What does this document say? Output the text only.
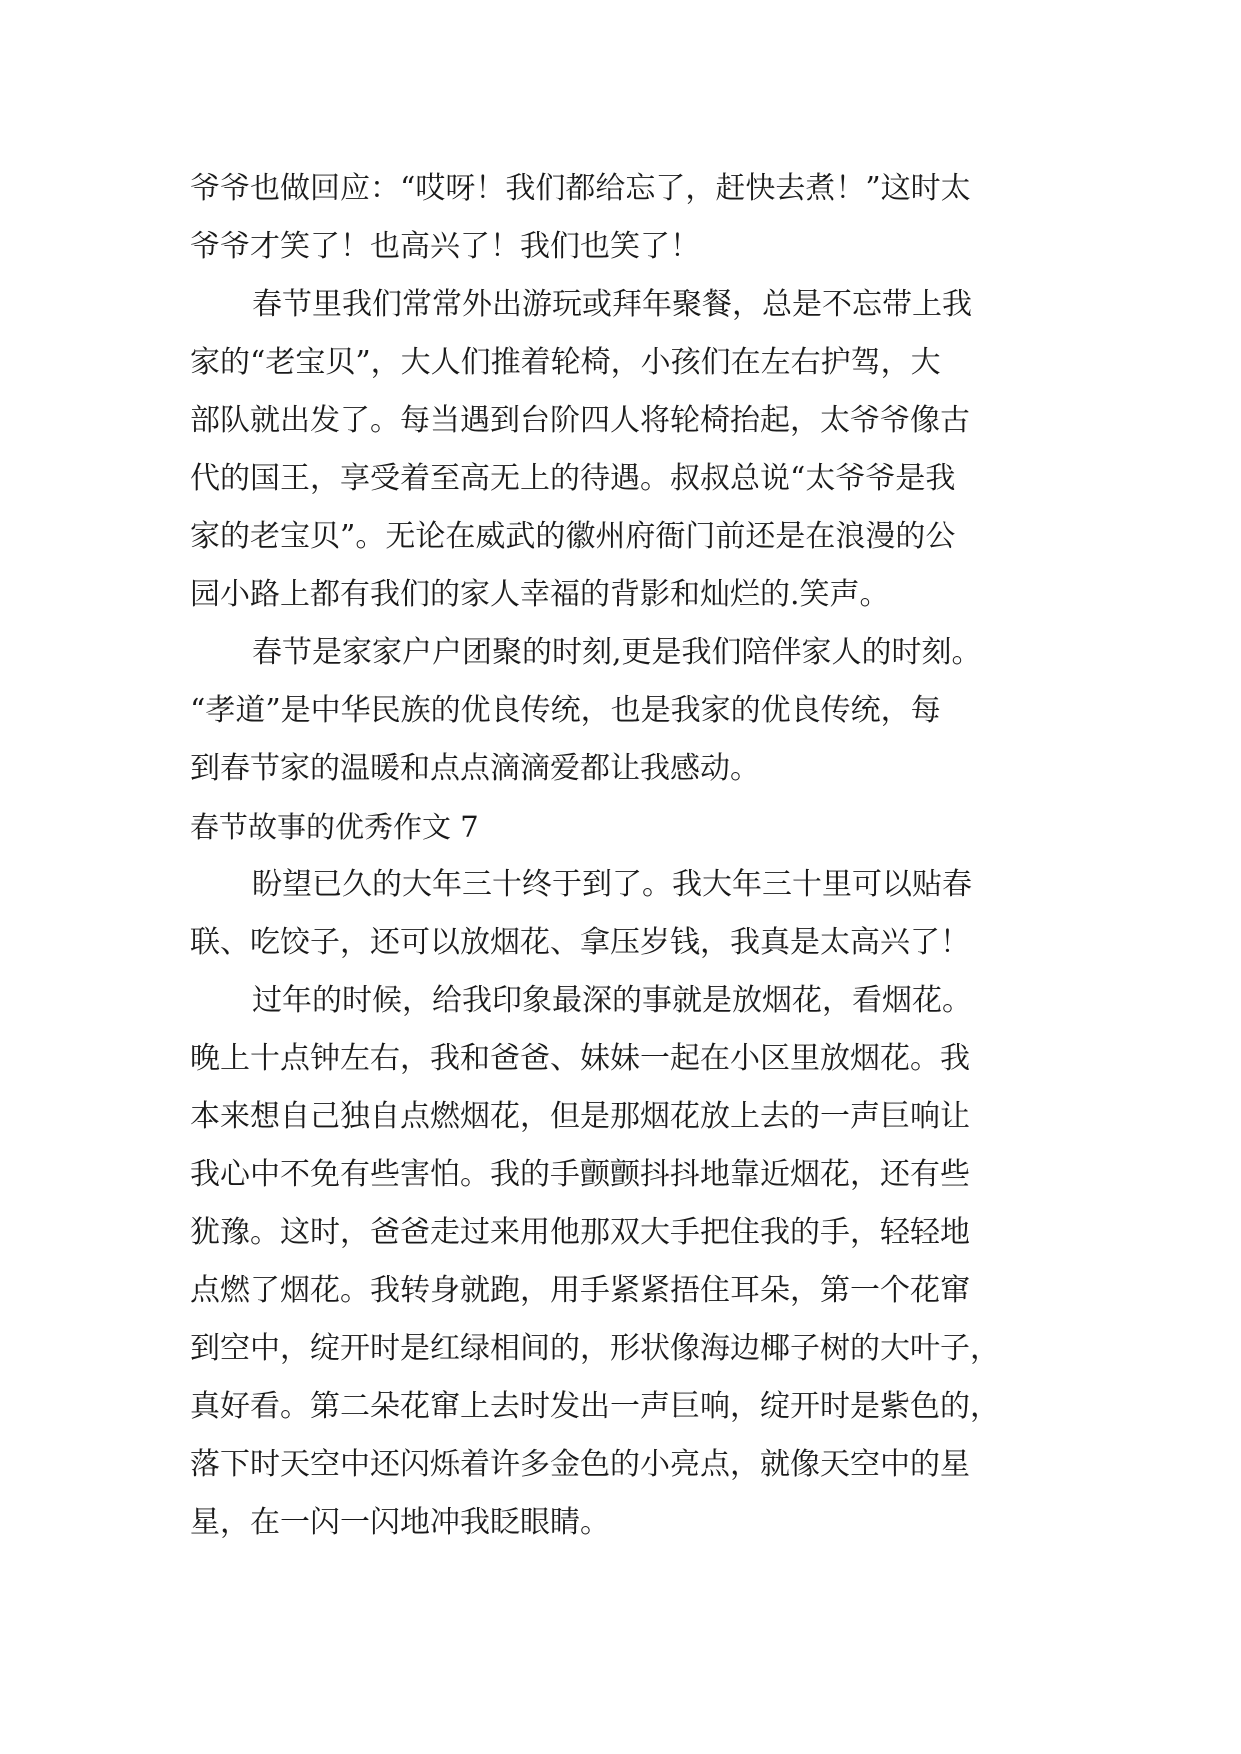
爷爷也做回应：“哎呀！我们都给忘了，赶快去煮！”这时太

爷爷才笑了！也高兴了！我们也笑了！

春节里我们常常外出游玩或拜年聚餐，总是不忘带上我

家的“老宝贝”，大人们推着轮椅，小孩们在左右护驾，大

部队就出发了。每当遇到台阶四人将轮椅抬起，太爷爷像古

代的国王，享受着至高无上的待遇。叔叔总说“太爷爷是我

家的老宝贝”。无论在威武的徽州府衙门前还是在浪漫的公

园小路上都有我们的家人幸福的背影和灿烂的.笑声。

春节是家家户户团聚的时刻,更是我们陪伴家人的时刻。

“孝道”是中华民族的优良传统，也是我家的优良传统，每

到春节家的温暖和点点滴滴爱都让我感动。

春节故事的优秀作文 7

盼望已久的大年三十终于到了。我大年三十里可以贴春

联、吃饺子，还可以放烟花、拿压岁钱，我真是太高兴了！

过年的时候，给我印象最深的事就是放烟花，看烟花。

晚上十点钟左右，我和爸爸、妹妹一起在小区里放烟花。我

本来想自己独自点燃烟花，但是那烟花放上去的一声巨响让

我心中不免有些害怕。我的手颤颤抖抖地靠近烟花，还有些

犹豫。这时，爸爸走过来用他那双大手把住我的手，轻轻地

点燃了烟花。我转身就跑，用手紧紧捂住耳朵，第一个花窜

到空中，绽开时是红绿相间的，形状像海边椰子树的大叶子，

真好看。第二朵花窜上去时发出一声巨响，绽开时是紫色的，

落下时天空中还闪烁着许多金色的小亮点，就像天空中的星

星，在一闪一闪地冲我眨眼睛。
